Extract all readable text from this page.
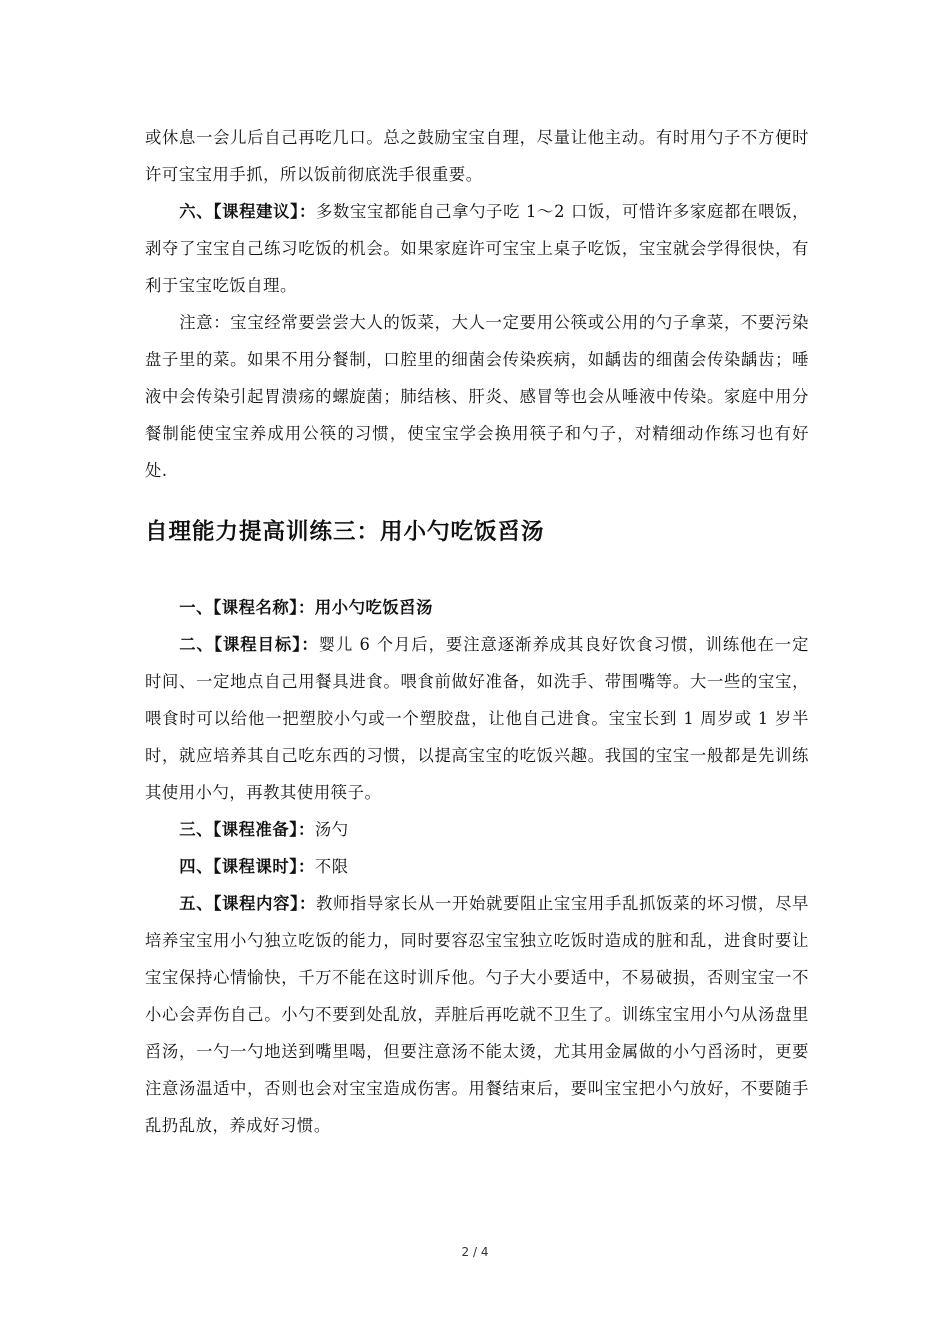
或休息一会儿后自己再吃几口。总之鼓励宝宝自理，尽量让他主动。有时用勺子不方便时许可宝宝用手抓，所以饭前彻底洗手很重要。

六、【课程建议】：多数宝宝都能自己拿勺子吃 1～2 口饭，可惜许多家庭都在喂饭，剥夺了宝宝自己练习吃饭的机会。如果家庭许可宝宝上桌子吃饭，宝宝就会学得很快，有利于宝宝吃饭自理。

注意：宝宝经常要尝尝大人的饭菜，大人一定要用公筷或公用的勺子拿菜，不要污染盘子里的菜。如果不用分餐制，口腔里的细菌会传染疾病，如龋齿的细菌会传染龋齿；唾液中会传染引起胃溃疡的螺旋菌；肺结核、肝炎、感冒等也会从唾液中传染。家庭中用分餐制能使宝宝养成用公筷的习惯，使宝宝学会换用筷子和勺子，对精细动作练习也有好处.

自理能力提高训练三：用小勺吃饭舀汤

一、【课程名称】：用小勺吃饭舀汤

二、【课程目标】：婴儿 6 个月后，要注意逐渐养成其良好饮食习惯，训练他在一定时间、一定地点自己用餐具进食。喂食前做好准备，如洗手、带围嘴等。大一些的宝宝，喂食时可以给他一把塑胶小勺或一个塑胶盘，让他自己进食。宝宝长到 1 周岁或 1 岁半时，就应培养其自己吃东西的习惯，以提高宝宝的吃饭兴趣。我国的宝宝一般都是先训练其使用小勺，再教其使用筷子。

三、【课程准备】：汤勺

四、【课程课时】：不限

五、【课程内容】：教师指导家长从一开始就要阻止宝宝用手乱抓饭菜的坏习惯，尽早培养宝宝用小勺独立吃饭的能力，同时要容忍宝宝独立吃饭时造成的脏和乱，进食时要让宝宝保持心情愉快，千万不能在这时训斥他。勺子大小要适中，不易破损，否则宝宝一不小心会弄伤自己。小勺不要到处乱放，弄脏后再吃就不卫生了。训练宝宝用小勺从汤盘里舀汤，一勺一勺地送到嘴里喝，但要注意汤不能太烫，尤其用金属做的小勺舀汤时，更要注意汤温适中，否则也会对宝宝造成伤害。用餐结束后，要叫宝宝把小勺放好，不要随手乱扔乱放，养成好习惯。

2 / 4
